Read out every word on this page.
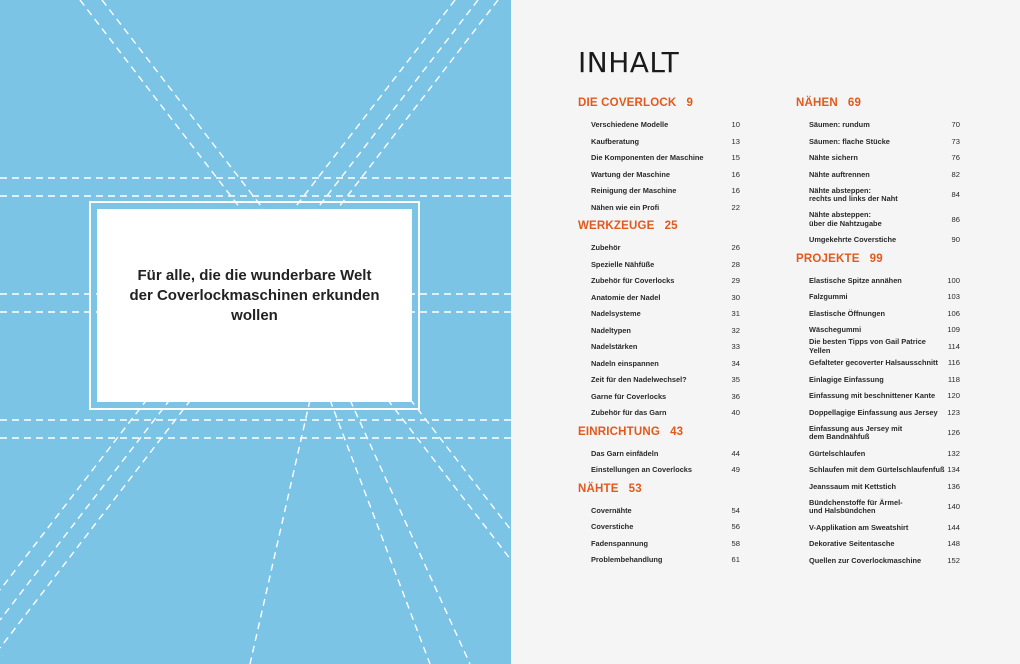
Für alle, die die wunderbare Welt der Coverlockmaschinen erkunden wollen
INHALT
DIE COVERLOCK 9
Verschiedene Modelle	10
Kaufberatung	13
Die Komponenten der Maschine	15
Wartung der Maschine	16
Reinigung der Maschine	16
Nähen wie ein Profi	22
WERKZEUGE 25
Zubehör	26
Spezielle Nähfüße	28
Zubehör für Coverlocks	29
Anatomie der Nadel	30
Nadelsysteme	31
Nadeltypen	32
Nadelstärken	33
Nadeln einspannen	34
Zeit für den Nadelwechsel?	35
Garne für Coverlocks	36
Zubehör für das Garn	40
EINRICHTUNG 43
Das Garn einfädeln	44
Einstellungen an Coverlocks	49
NÄHTE 53
Covernähte	54
Coverstiche	56
Fadenspannung	58
Problembehandlung	61
NÄHEN 69
Säumen: rundum	70
Säumen: flache Stücke	73
Nähte sichern	76
Nähte auftrennen	82
Nähte absteppen:
rechts und links der Naht	84
Nähte absteppen:
über die Nahtzugabe	86
Umgekehrte Coverstiche	90
PROJEKTE 99
Elastische Spitze annähen	100
Falzgummi	103
Elastische Öffnungen	106
Wäschegummi	109
Die besten Tipps von Gail Patrice Yellen	114
Gefalteter gecoverter Halsausschnitt 116
Einlagige Einfassung	118
Einfassung mit beschnittener Kante 120
Doppellagige Einfassung aus Jersey 123
Einfassung aus Jersey mit
dem Bandnähfuß	126
Gürtelschlaufen	132
Schlaufen mit dem Gürtelschlaufenfuß 134
Jeanssaum mit Kettstich	136
Bündchenstoffe für Ärmel-
und Halsbündchen	140
V-Applikation am Sweatshirt	144
Dekorative Seitentasche	148
Quellen zur Coverlockmaschine	152
